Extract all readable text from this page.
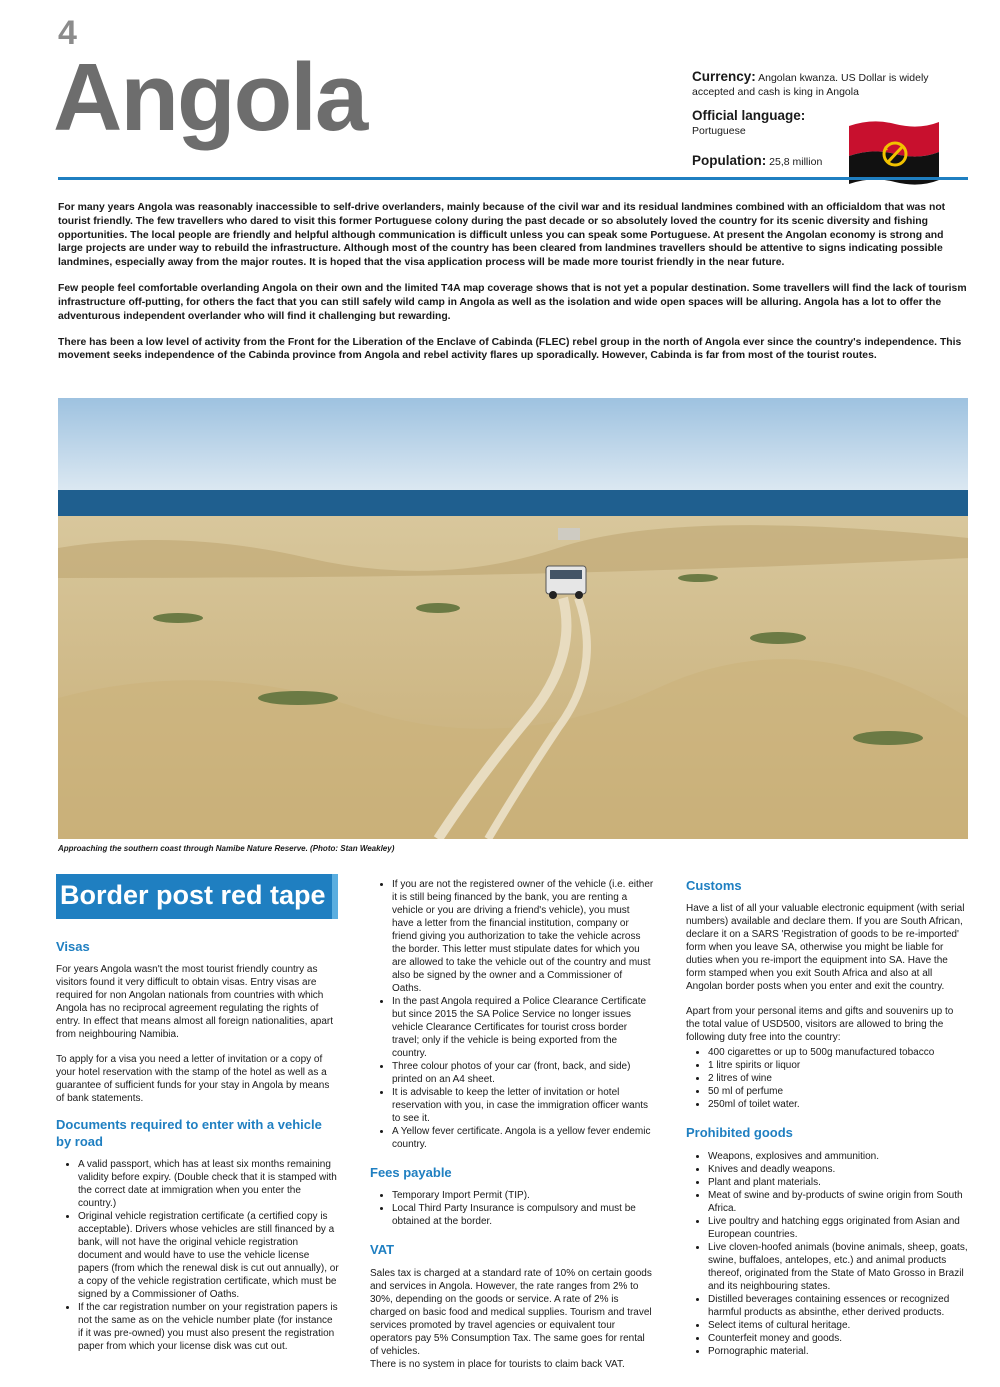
4
Angola	Currency: Angolan kwanza. US Dollar is widely accepted and cash is king in Angola
Official language:
Portuguese
Population: 25,8 million

For many years Angola was reasonably inaccessible to self-drive overlanders, mainly because of the civil war and its residual landmines combined with an officialdom that was not tourist friendly. The few travellers who dared to visit this former Portuguese colony during the past decade or so absolutely loved the country for its scenic diversity and fishing opportunities. The local people are friendly and helpful although communication is difficult unless you can speak some Portuguese. At present the Angolan economy is strong and large projects are under way to rebuild the infrastructure. Although most of the country has been cleared from landmines travellers should be attentive to signs indicating possible landmines, especially away from the major routes. It is hoped that the visa application process will be made more tourist friendly in the near future.

Few people feel comfortable overlanding Angola on their own and the limited T4A map coverage shows that is not yet a popular destination. Some travellers will find the lack of tourism infrastructure off-putting, for others the fact that you can still safely wild camp in Angola as well as the isolation and wide open spaces will be alluring. Angola has a lot to offer the adventurous independent overlander who will find it challenging but rewarding.

There has been a low level of activity from the Front for the Liberation of the Enclave of Cabinda (FLEC) rebel group in the north of Angola ever since the country's independence. This movement seeks independence of the Cabinda province from Angola and rebel activity flares up sporadically. However, Cabinda is far from most of the tourist routes.

Approaching the southern coast through Namibe Nature Reserve. (Photo: Stan Weakley)
Border post red tape
Visas

For years Angola wasn't the most tourist friendly country as visitors found it very difficult to obtain visas. Entry visas are required for non Angolan nationals from countries with which Angola has no reciprocal agreement regulating the rights of entry. In effect that means almost all foreign nationalities, apart from neighbouring Namibia.

To apply for a visa you need a letter of invitation or a copy of your hotel reservation with the stamp of the hotel as well as a guarantee of sufficient funds for your stay in Angola by means of bank statements.

Documents required to enter with a vehicle by road
• A valid passport, which has at least six months remaining validity before expiry. (Double check that it is stamped with the correct date at immigration when you enter the country.)
• Original vehicle registration certificate (a certified copy is acceptable). Drivers whose vehicles are still financed by a bank, will not have the original vehicle registration document and would have to use the vehicle license papers (from which the renewal disk is cut out annually), or a copy of the vehicle registration certificate, which must be signed by a Commissioner of Oaths.
• If the car registration number on your registration papers is not the same as on the vehicle number plate (for instance if it was pre-owned) you must also present the registration paper from which your license disk was cut out.
• If you are not the registered owner of the vehicle (i.e. either it is still being financed by the bank, you are renting a vehicle or you are driving a friend's vehicle), you must have a letter from the financial institution, company or friend giving you authorization to take the vehicle across the border. This letter must stipulate dates for which you are allowed to take the vehicle out of the country and must also be signed by the owner and a Commissioner of Oaths.
• In the past Angola required a Police Clearance Certificate but since 2015 the SA Police Service no longer issues vehicle Clearance Certificates for tourist cross border travel; only if the vehicle is being exported from the country.
• Three colour photos of your car (front, back, and side) printed on an A4 sheet.
• It is advisable to keep the letter of invitation or hotel reservation with you, in case the immigration officer wants to see it.
• A Yellow fever certificate. Angola is a yellow fever endemic country.
Fees payable
• Temporary Import Permit (TIP).
• Local Third Party Insurance is compulsory and must be obtained at the border.
VAT
Sales tax is charged at a standard rate of 10% on certain goods and services in Angola. However, the rate ranges from 2% to 30%, depending on the goods or service. A rate of 2% is charged on basic food and medical supplies. Tourism and travel services promoted by travel agencies or equivalent tour operators pay 5% Consumption Tax. The same goes for rental of vehicles.
There is no system in place for tourists to claim back VAT.
Customs

Have a list of all your valuable electronic equipment (with serial numbers) available and declare them. If you are South African, declare it on a SARS 'Registration of goods to be re-imported' form when you leave SA, otherwise you might be liable for duties when you re-import the equipment into SA. Have the form stamped when you exit South Africa and also at all Angolan border posts when you enter and exit the country.

Apart from your personal items and gifts and souvenirs up to the total value of USD500, visitors are allowed to bring the following duty free into the country:

• 400 cigarettes or up to 500g manufactured tobacco
• 1 litre spirits or liquor
• 2 litres of wine
• 50 ml of perfume
• 250ml of toilet water.
Prohibited goods
• Weapons, explosives and ammunition.
• Knives and deadly weapons.
• Plant and plant materials.
• Meat of swine and by-products of swine origin from South Africa.
• Live poultry and hatching eggs originated from Asian and European countries.
• Live cloven-hoofed animals (bovine animals, sheep, goats, swine, buffaloes, antelopes, etc.) and animal products thereof, originated from the State of Mato Grosso in Brazil and its neighbouring states.
• Distilled beverages containing essences or recognized harmful products as absinthe, ether derived products.
• Select items of cultural heritage.
• Counterfeit money and goods.
• Pornographic material.
